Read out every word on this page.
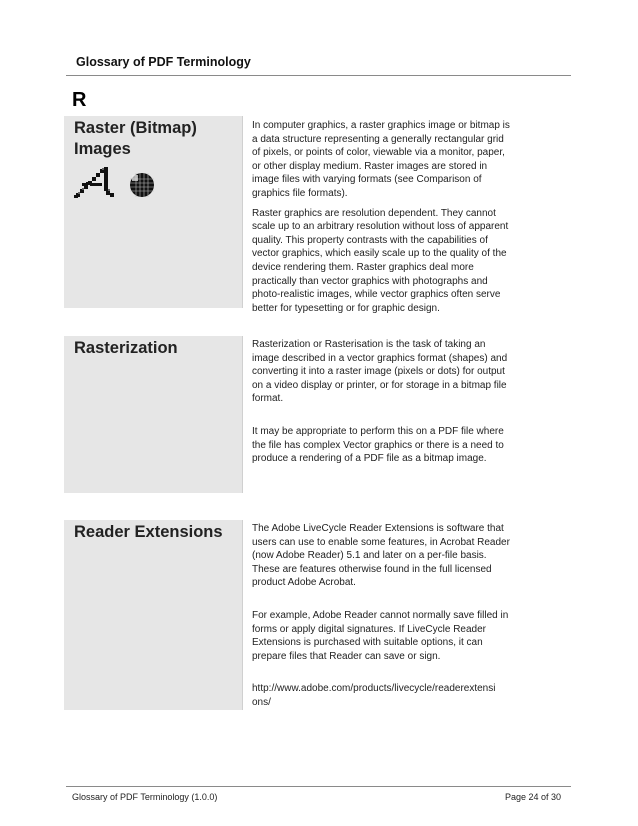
Glossary of PDF Terminology
R
Raster (Bitmap) Images

In computer graphics, a raster graphics image or bitmap is a data structure representing a generally rectangular grid of pixels, or points of color, viewable via a monitor, paper, or other display medium. Raster images are stored in image files with varying formats (see Comparison of graphics file formats).

Raster graphics are resolution dependent. They cannot scale up to an arbitrary resolution without loss of apparent quality. This property contrasts with the capabilities of vector graphics, which easily scale up to the quality of the device rendering them. Raster graphics deal more practically than vector graphics with photographs and photo-realistic images, while vector graphics often serve better for typesetting or for graphic design.

Rasterization	Rasterization or Rasterisation is the task of taking an image described in a vector graphics format (shapes) and converting it into a raster image (pixels or dots) for output on a video display or printer, or for storage in a bitmap file format.

It may be appropriate to perform this on a PDF file where the file has complex Vector graphics or there is a need to produce a rendering of a PDF file as a bitmap image.

Reader Extensions	The Adobe LiveCycle Reader Extensions is software that users can use to enable some features, in Acrobat Reader (now Adobe Reader) 5.1 and later on a per-file basis. These are features otherwise found in the full licensed product Adobe Acrobat.

For example, Adobe Reader cannot normally save filled in forms or apply digital signatures. If LiveCycle Reader Extensions is purchased with suitable options, it can prepare files that Reader can save or sign.

http://www.adobe.com/products/livecycle/readerextensi ons/

Glossary of PDF Terminology (1.0.0)	Page 24 of 30
